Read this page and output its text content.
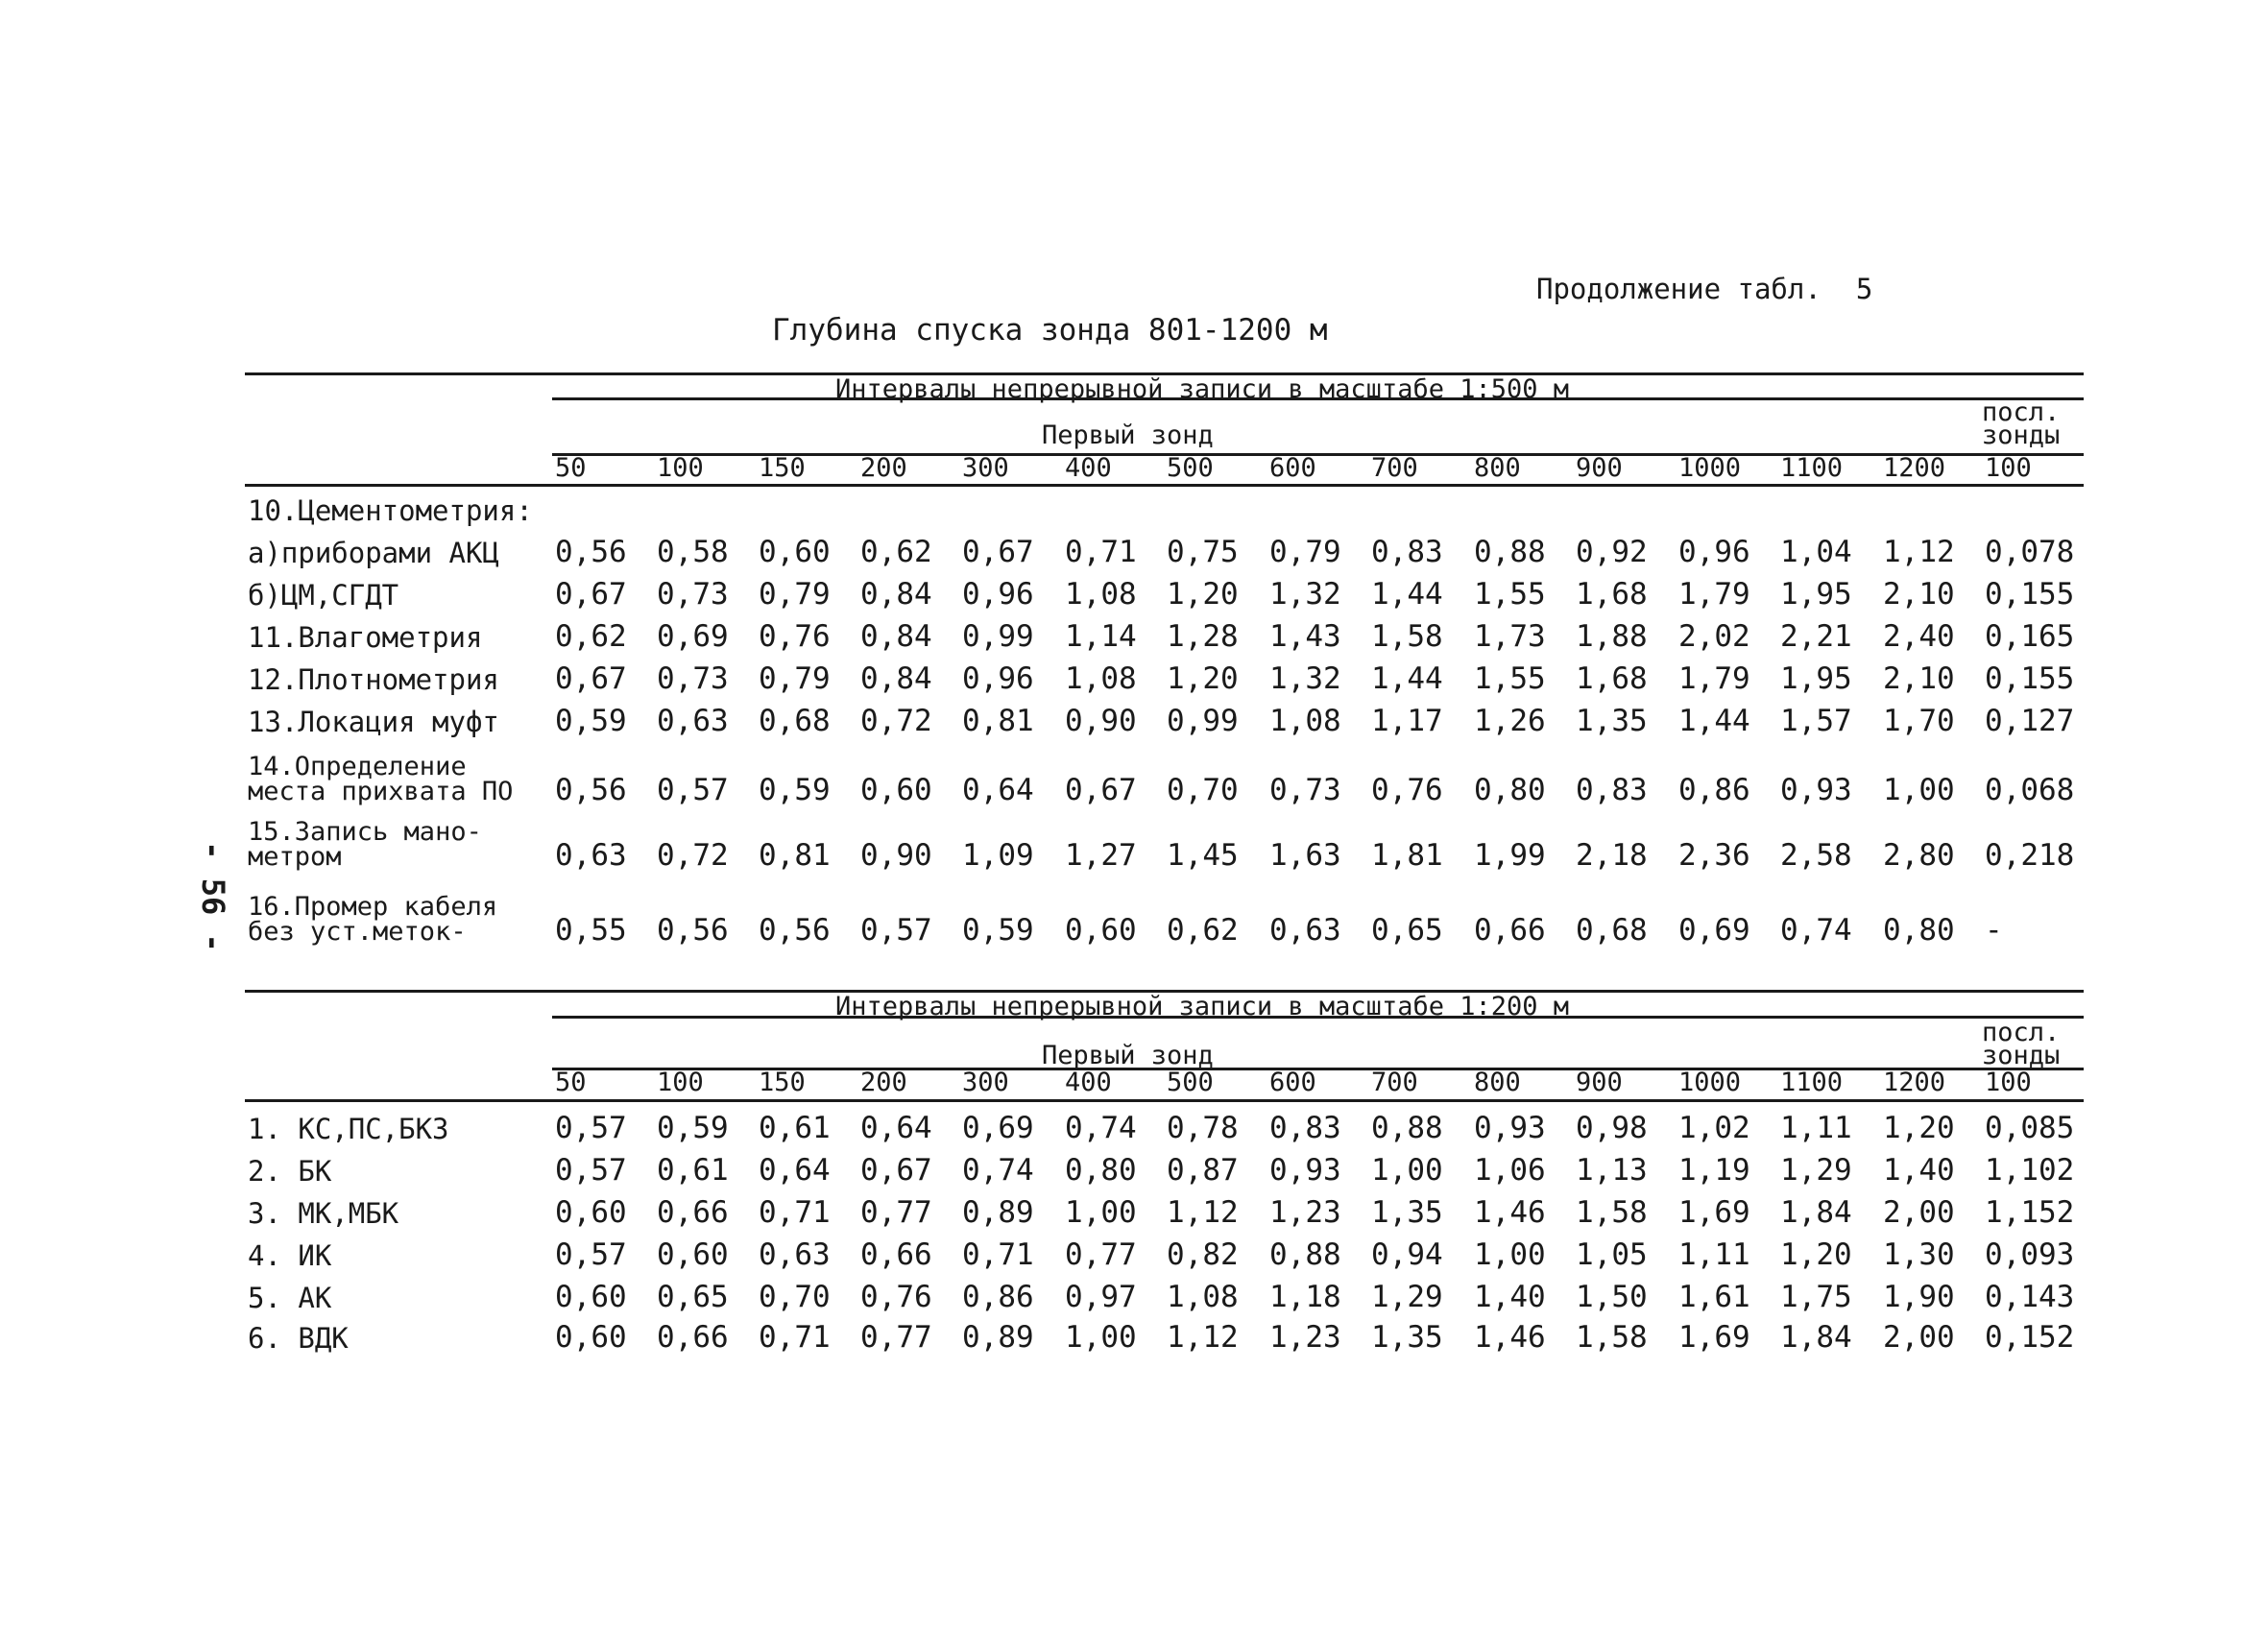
Продолжение табл. 5
Глубина спуска зонда 801-1200 м
- 56 -
Интервалы непрерывной записи в масштабе 1:500 м
Первый зонд
посл.
зонды
50	100 150 200 300 400 500 600 700 800 900 1000 1100 1200 100
10.Цементометрия:
а)приборами АКЦ 0,56 0,58 0,60 0,62 0,67 0,71 0,75 0,79 0,83 0,88 0,92 0,96 1,04 1,12 0,078
б)ЦМ,СГДТ	0,67 0,73 0,79 0,84 0,96 1,08 1,20 1,32 1,44 1,55 1,68 1,79 1,95 2,10 0,155
11.Влагометрия 0,62 0,69 0,76 0,84 0,99 1,14 1,28 1,43 1,58 1,73 1,88 2,02 2,21 2,40 0,165
12.Плотнометрия 0,67 0,73 0,79 0,84 0,96 1,08 1,20 1,32 1,44 1,55 1,68 1,79 1,95 2,10 0,155
13.Локация муфт 0,59 0,63 0,68 0,72 0,81 0,90 0,99 1,08 1,17 1,26 1,35 1,44 1,57 1,70 0,127
14.Определение
места прихвата ПО 0,56 0,57 0,59 0,60 0,64 0,67 0,70 0,73 0,76 0,80 0,83 0,86 0,93 1,00 0,068
15.Запись мано-
метром	0,63 0,72 0,81 0,90 1,09 1,27 1,45 1,63 1,81 1,99 2,18 2,36 2,58 2,80 0,218
16.Промер кабеля
без уст.меток-	0,55 0,56 0,56 0,57 0,59 0,60 0,62 0,63 0,65 0,66 0,68 0,69 0,74 0,80 -
Интервалы непрерывной записи в масштабе 1:200 м
Первый зонд
посл.
зонды
50	100 150 200 300 400 500 600 700 800 900 1000 1100 1200 100
1. КС,ПС,БКЗ	0,57 0,59 0,61 0,64 0,69 0,74 0,78 0,83 0,88 0,93 0,98 1,02 1,11 1,20 0,085
2. БК	0,57 0,61 0,64 0,67 0,74 0,80 0,87 0,93 1,00 1,06 1,13 1,19 1,29 1,40 1,102
3. МК,МБК	0,60 0,66 0,71 0,77 0,89 1,00 1,12 1,23 1,35 1,46 1,58 1,69 1,84 2,00 1,152
4. ИК	0,57 0,60 0,63 0,66 0,71 0,77 0,82 0,88 0,94 1,00 1,05 1,11 1,20 1,30 0,093
5. АК	0,60 0,65 0,70 0,76 0,86 0,97 1,08 1,18 1,29 1,40 1,50 1,61 1,75 1,90 0,143
6. ВДК	0,60 0,66 0,71 0,77 0,89 1,00 1,12 1,23 1,35 1,46 1,58 1,69 1,84 2,00 0,152
